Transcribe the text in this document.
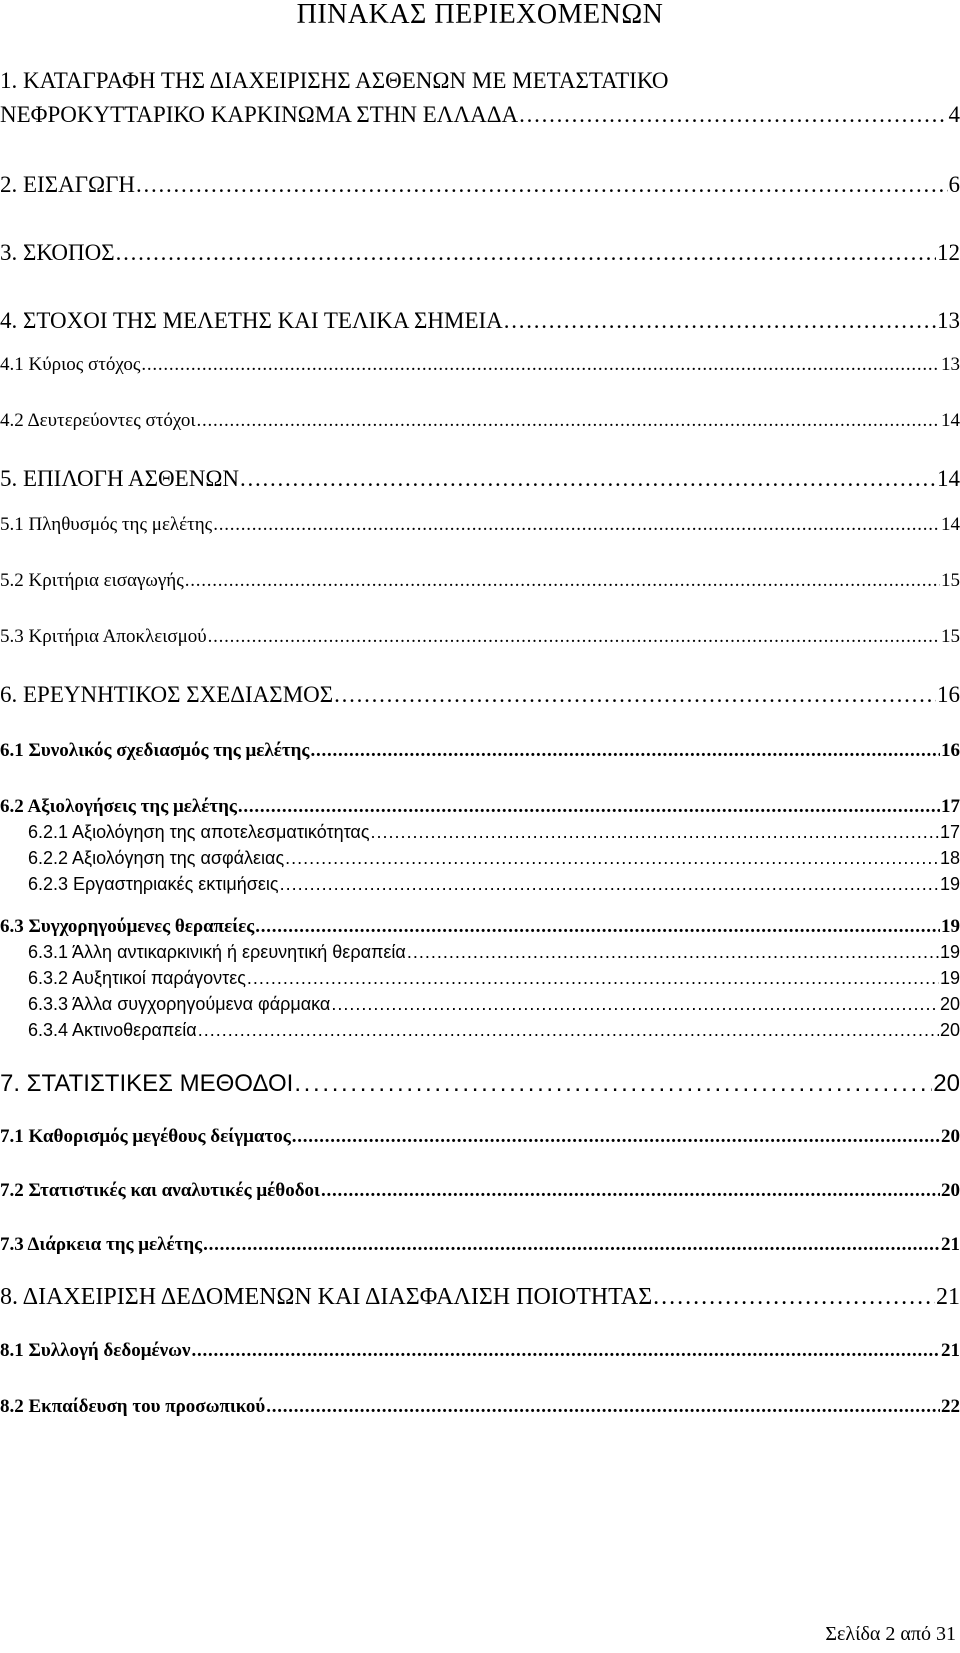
ΠΙΝΑΚΑΣ ΠΕΡΙΕΧΟΜΕΝΩΝ
1. ΚΑΤΑΓΡΑΦΗ ΤΗΣ ΔΙΑΧΕΙΡΙΣΗΣ ΑΣΘΕΝΩΝ ΜΕ ΜΕΤΑΣΤΑΤΙΚΟ
ΝΕΦΡΟΚΥΤΤΑΡΙΚΟ ΚΑΡΚΙΝΩΜΑ ΣΤΗΝ ΕΛΛΑΔΑ . . .	4
2. ΕΙΣΑΓΩΓΗ . . .	6
3. ΣΚΟΠΟΣ . . .	12
4. ΣΤΟΧΟΙ ΤΗΣ ΜΕΛΕΤΗΣ ΚΑΙ ΤΕΛΙΚΑ ΣΗΜΕΙΑ . . .	13
4.1 Κύριος στόχος . . .	13
4.2 Δευτερεύοντες στόχοι . . .	14
5. ΕΠΙΛΟΓΗ ΑΣΘΕΝΩΝ . . .	14
5.1 Πληθυσμός της μελέτης . . .	14
5.2 Κριτήρια εισαγωγής . . .	15
5.3 Κριτήρια Αποκλεισμού . . .	15
6. ΕΡΕΥΝΗΤΙΚΟΣ ΣΧΕΔΙΑΣΜΟΣ . . .	16
6.1 Συνολικός σχεδιασμός της μελέτης . . .	16
6.2 Αξιολογήσεις της μελέτης . . .	17
6.2.1 Αξιολόγηση της αποτελεσματικότητας . . .	17
6.2.2 Αξιολόγηση της ασφάλειας . . .	18
6.2.3 Εργαστηριακές εκτιμήσεις . . .	19
6.3 Συγχορηγούμενες θεραπείες . . .	19
6.3.1 Άλλη αντικαρκινική ή ερευνητική θεραπεία . . .	19
6.3.2 Αυξητικοί παράγοντες . . .	19
6.3.3 Άλλα συγχορηγούμενα φάρμακα . . .	20
6.3.4 Ακτινοθεραπεία . . .	20
7. ΣΤΑΤΙΣΤΙΚΕΣ ΜΕΘΟΔΟΙ . . .	20
7.1 Καθορισμός μεγέθους δείγματος . . .	20
7.2 Στατιστικές και αναλυτικές μέθοδοι . . .	20
7.3 Διάρκεια της μελέτης . . .	21
8. ΔΙΑΧΕΙΡΙΣΗ ΔΕΔΟΜΕΝΩΝ ΚΑΙ ΔΙΑΣΦΑΛΙΣΗ ΠΟΙΟΤΗΤΑΣ . . .	21
8.1 Συλλογή δεδομένων . . .	21
8.2 Εκπαίδευση του προσωπικού . . .	22
Σελίδα 2 από 31
